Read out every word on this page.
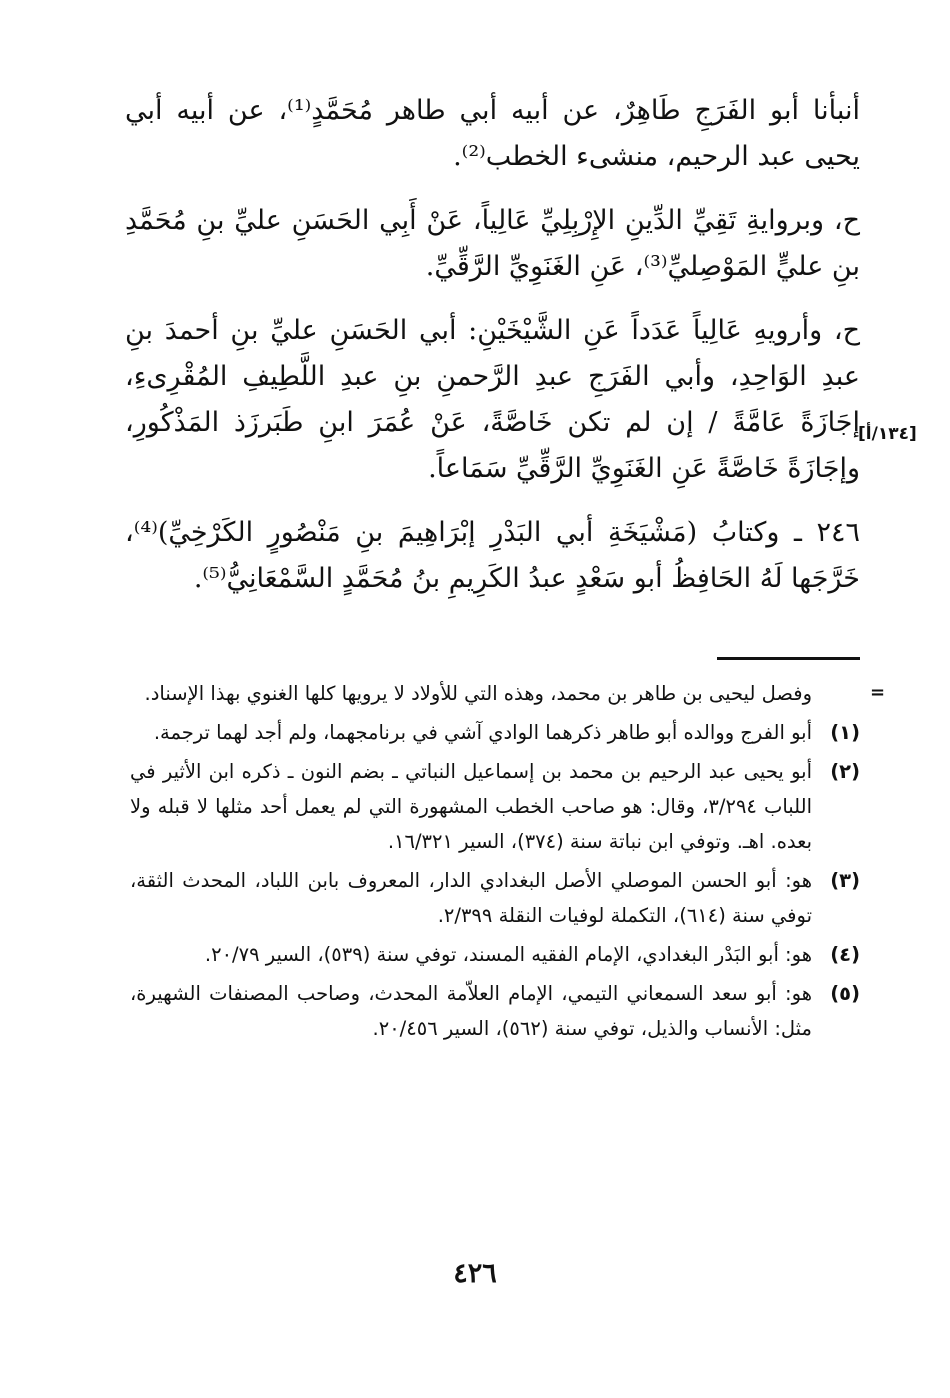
أنبأنا أبو الفَرَجِ طَاهِرٌ، عن أبيه أبي طاهر مُحَمَّدٍ⁽¹⁾، عن أبيه أبي يحيى عبد الرحيم، منشىء الخطب⁽²⁾.

ح، وبروايةِ تَقِيِّ الدِّينِ الإِرْبِلِيِّ عَالِياً، عَنْ أَبِي الحَسَنِ عليِّ بنِ مُحَمَّدِ بنِ عليٍّ المَوْصِليِّ⁽³⁾، عَنِ الغَنَوِيِّ الرَّقِّيِّ.

ح، وأرويهِ عَالِياً عَدَداً عَنِ الشَّيْخَيْنِ: أبي الحَسَنِ عليِّ بنِ أحمدَ بنِ عبدِ الوَاحِدِ، وأبي الفَرَجِ عبدِ الرَّحمنِ بنِ عبدِ اللَّطِيفِ المُقْرِىءِ، إجَازَةً عَامَّةً / إن لم تكن خَاصَّةً، عَنْ عُمَرَ ابنِ طَبَرزَذ المَذْكُورِ، وإجَازَةً خَاصَّةً عَنِ الغَنَوِيِّ الرَّقِّيِّ سَمَاعاً.

٢٤٦ ـ وكتابُ (مَشْيَخَةِ أبي البَدْرِ إبْرَاهِيمَ بنِ مَنْصُورٍ الكَرْخِيِّ)⁽⁴⁾، خَرَّجَها لَهُ الحَافِظُ أبو سَعْدٍ عبدُ الكَرِيمِ بنُ مُحَمَّدٍ السَّمْعَانِيُّ⁽⁵⁾.

[١٣٤/أ]
=
وفصل ليحيى بن طاهر بن محمد، وهذه التي للأولاد لا يرويها كلها الغنوي بهذا الإسناد.
(١)
أبو الفرج ووالده أبو طاهر ذكرهما الوادي آشي في برنامجهما، ولم أجد لهما ترجمة.
(٢)
أبو يحيى عبد الرحيم بن محمد بن إسماعيل النباتي ـ بضم النون ـ ذكره ابن الأثير في اللباب ٣/٢٩٤، وقال: هو صاحب الخطب المشهورة التي لم يعمل أحد مثلها لا قبله ولا بعده. اهـ. وتوفي ابن نباتة سنة (٣٧٤)، السير ١٦/٣٢١.
(٣)
هو: أبو الحسن الموصلي الأصل البغدادي الدار، المعروف بابن اللباد، المحدث الثقة، توفي سنة (٦١٤)، التكملة لوفيات النقلة ٢/٣٩٩.
(٤)
هو: أبو البَدْر البغدادي، الإمام الفقيه المسند، توفي سنة (٥٣٩)، السير ٢٠/٧٩.
(٥)
هو: أبو سعد السمعاني التيمي، الإمام العلاّمة المحدث، وصاحب المصنفات الشهيرة، مثل: الأنساب والذيل، توفي سنة (٥٦٢)، السير ٢٠/٤٥٦.
٤٢٦
